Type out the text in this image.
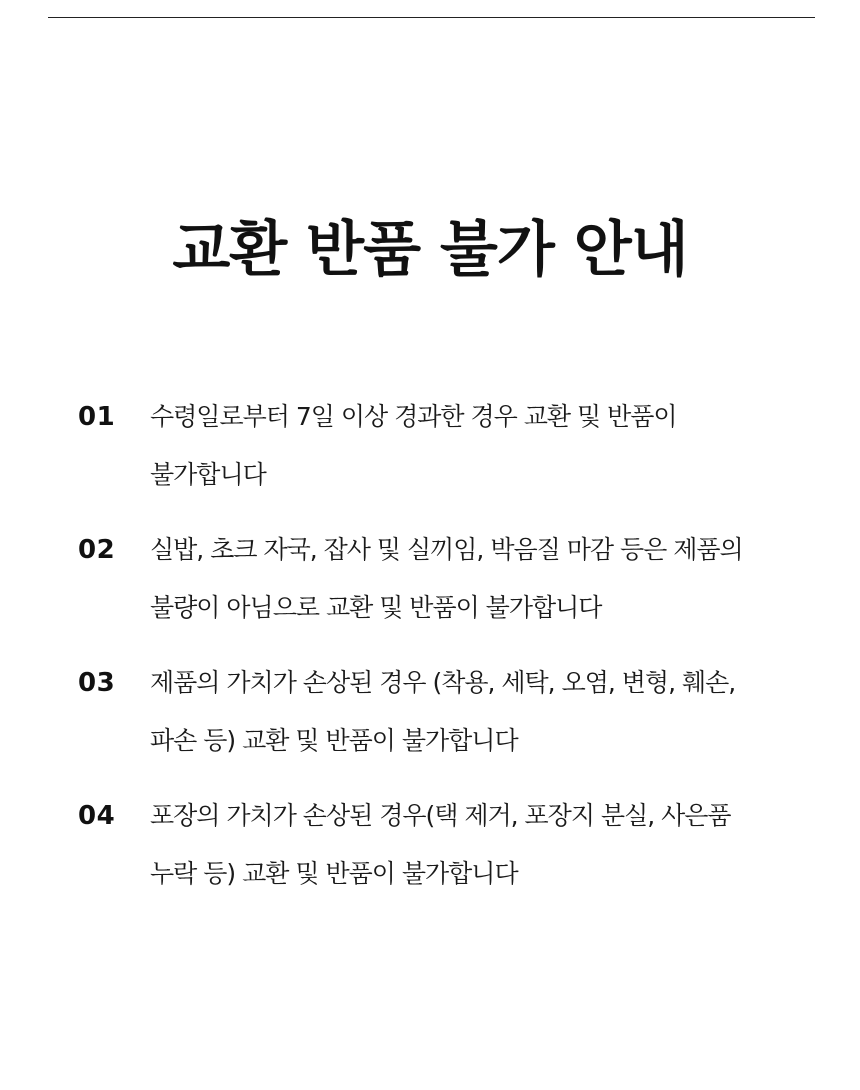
교환 반품 불가 안내
01	수령일로부터 7일 이상 경과한 경우 교환 및 반품이
불가합니다
02	실밥, 초크 자국, 잡사 및 실끼임, 박음질 마감 등은 제품의
불량이 아님으로 교환 및 반품이 불가합니다
03	제품의 가치가 손상된 경우 (착용, 세탁, 오염, 변형, 훼손,
파손 등) 교환 및 반품이 불가합니다
04	포장의 가치가 손상된 경우(택 제거, 포장지 분실, 사은품
누락 등) 교환 및 반품이 불가합니다
